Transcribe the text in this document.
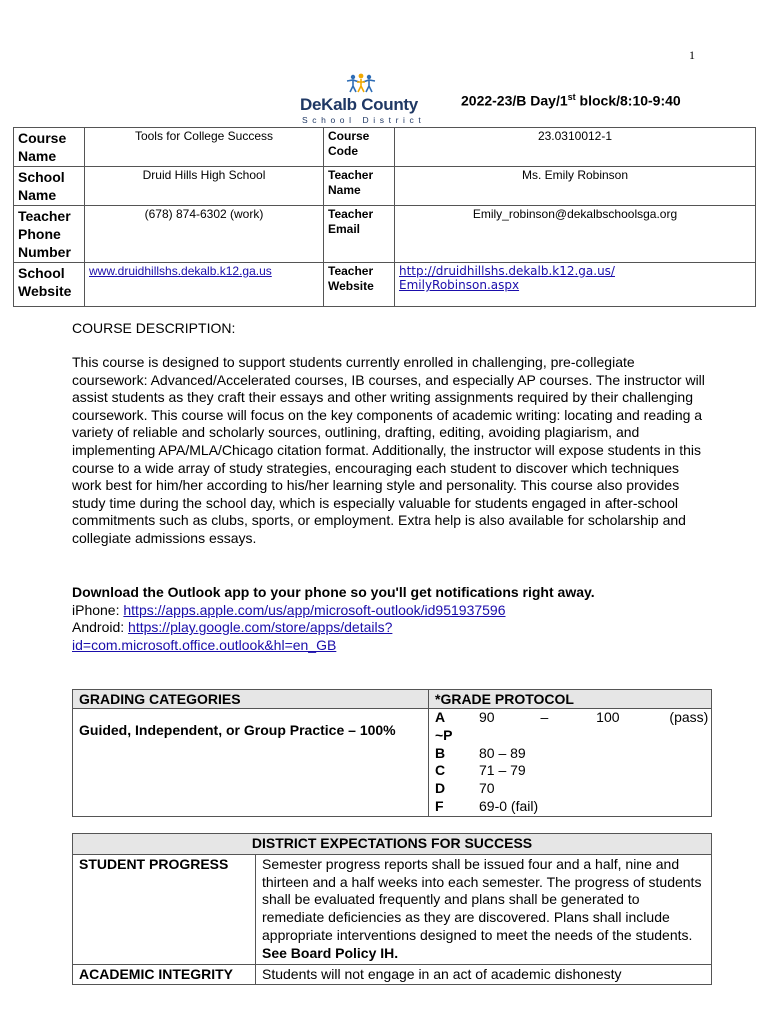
1
DeKalb County
School District
2022-23/B Day/1st block/8:10-9:40
Course Name	Tools for College Success	Course Code	23.0310012-1
School Name	Druid Hills High School	Teacher Name	Ms. Emily Robinson
Teacher Phone Number	(678) 874-6302 (work)	Teacher Email	Emily_robinson@dekalbschoolsga.org
School Website	www.druidhillshs.dekalb.k12.ga.us	Teacher Website	http://druidhillshs.dekalb.k12.ga.us/
EmilyRobinson.aspx
COURSE DESCRIPTION:
This course is designed to support students currently enrolled in challenging, pre-collegiate coursework: Advanced/Accelerated courses, IB courses, and especially AP courses. The instructor will assist students as they craft their essays and other writing assignments required by their challenging coursework. This course will focus on the key components of academic writing: locating and reading a variety of reliable and scholarly sources, outlining, drafting, editing, avoiding plagiarism, and implementing APA/MLA/Chicago citation format. Additionally, the instructor will expose students in this course to a wide array of study strategies, encouraging each student to discover which techniques work best for him/her according to his/her learning style and personality. This course also provides study time during the school day, which is especially valuable for students engaged in after-school commitments such as clubs, sports, or employment. Extra help is also available for scholarship and collegiate admissions essays.
Download the Outlook app to your phone so you'll get notifications right away.
iPhone: https://apps.apple.com/us/app/microsoft-outlook/id951937596
Android: https://play.google.com/store/apps/details?
id=com.microsoft.office.outlook&hl=en_GB
GRADING CATEGORIES	*GRADE PROTOCOL
Guided, Independent, or Group Practice – 100%	
A	90	–	100	(pass)
~P	
B	80 – 89
C	71 – 79
D	70
F	69-0 (fail)
DISTRICT EXPECTATIONS FOR SUCCESS	
STUDENT PROGRESS	Semester progress reports shall be issued four and a half, nine and thirteen and a half weeks into each semester. The progress of students shall be evaluated frequently and plans shall be generated to remediate deficiencies as they are discovered. Plans shall include appropriate interventions designed to meet the needs of the students. See Board Policy IH.
ACADEMIC INTEGRITY	Students will not engage in an act of academic dishonesty
